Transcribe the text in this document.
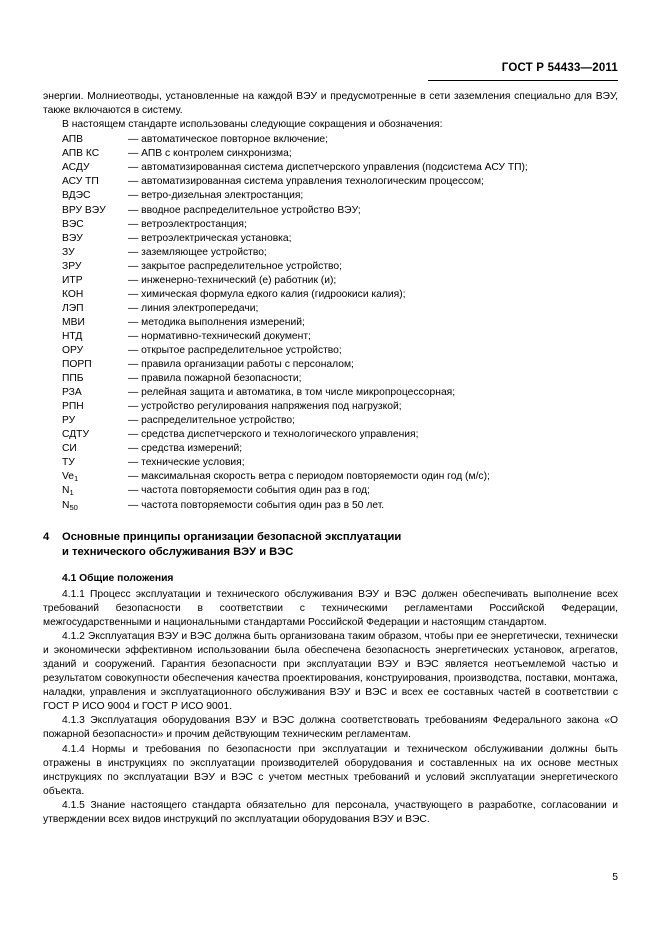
ГОСТ Р 54433—2011

энергии. Молниеотводы, установленные на каждой ВЭУ и предусмотренные в сети заземления специально для ВЭУ, также включаются в систему.

В настоящем стандарте использованы следующие сокращения и обозначения:

АПВ	— автоматическое повторное включение;
АПВ КС	— АПВ с контролем синхронизма;
АСДУ	— автоматизированная система диспетчерского управления (подсистема АСУ ТП);
АСУ ТП	— автоматизированная система управления технологическим процессом;
ВДЭС	— ветро-дизельная электростанция;
ВРУ ВЭУ	— вводное распределительное устройство ВЭУ;
ВЭС	— ветроэлектростанция;
ВЭУ	— ветроэлектрическая установка;
ЗУ	— заземляющее устройство;
ЗРУ	— закрытое распределительное устройство;
ИТР	— инженерно-технический (е) работник (и);
КОН	— химическая формула едкого калия (гидроокиси калия);
ЛЭП	— линия электропередачи;
МВИ	— методика выполнения измерений;
НТД	— нормативно-технический документ;
ОРУ	— открытое распределительное устройство;
ПОРП	— правила организации работы с персоналом;
ППБ	— правила пожарной безопасности;
РЗА	— релейная защита и автоматика, в том числе микропроцессорная;
РПН	— устройство регулирования напряжения под нагрузкой;
РУ	— распределительное устройство;
СДТУ	— средства диспетчерского и технологического управления;
СИ	— средства измерений;
ТУ	— технические условия;
$Ve_1$	— максимальная скорость ветра с периодом повторяемости один год (м/с);
$N_1$	— частота повторяемости события один раз в год;
$N_{50}$	— частота повторяемости события один раз в 50 лет.
4 Основные принципы организации безопасной эксплуатации
и технического обслуживания ВЭУ и ВЭС
4.1 Общие положения

4.1.1 Процесс эксплуатации и технического обслуживания ВЭУ и ВЭС должен обеспечивать выполнение всех требований безопасности в соответствии с техническими регламентами Российской Федерации, межгосударственными и национальными стандартами Российской Федерации и настоящим стандартом.

4.1.2 Эксплуатация ВЭУ и ВЭС должна быть организована таким образом, чтобы при ее энергетически, технически и экономически эффективном использовании была обеспечена безопасность энергетических установок, агрегатов, зданий и сооружений. Гарантия безопасности при эксплуатации ВЭУ и ВЭС является неотъемлемой частью и результатом совокупности обеспечения качества проектирования, конструирования, производства, поставки, монтажа, наладки, управления и эксплуатационного обслуживания ВЭУ и ВЭС и всех ее составных частей в соответствии с ГОСТ Р ИСО 9004 и ГОСТ Р ИСО 9001.

4.1.3 Эксплуатация оборудования ВЭУ и ВЭС должна соответствовать требованиям Федерального закона «О пожарной безопасности» и прочим действующим техническим регламентам.

4.1.4 Нормы и требования по безопасности при эксплуатации и техническом обслуживании должны быть отражены в инструкциях по эксплуатации производителей оборудования и составленных на их основе местных инструкциях по эксплуатации ВЭУ и ВЭС с учетом местных требований и условий эксплуатации энергетического объекта.

4.1.5 Знание настоящего стандарта обязательно для персонала, участвующего в разработке, согласовании и утверждении всех видов инструкций по эксплуатации оборудования ВЭУ и ВЭС.

5
